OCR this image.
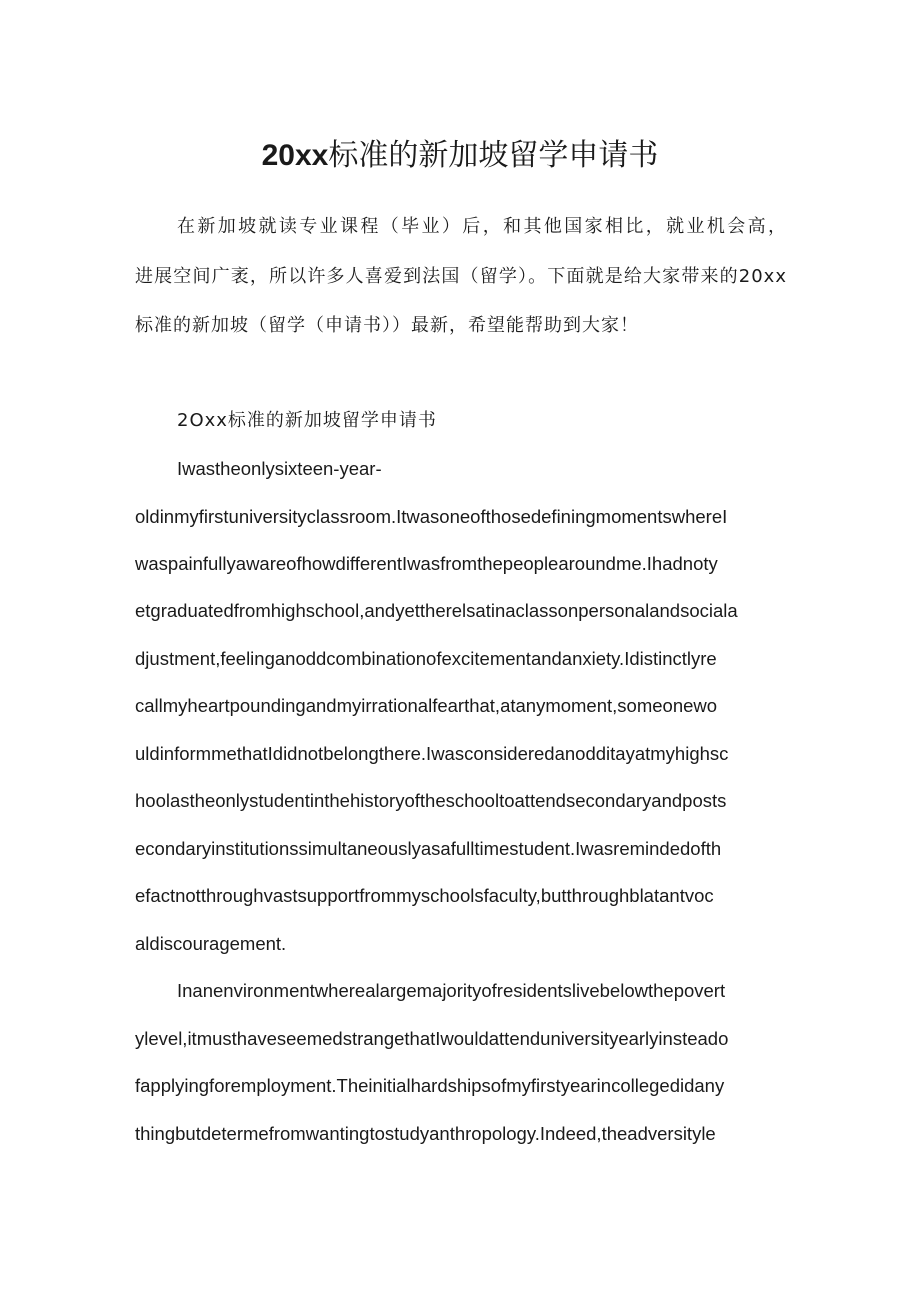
20xx标准的新加坡留学申请书

在新加坡就读专业课程（毕业）后，和其他国家相比，就业机会高，

进展空间广袤，所以许多人喜爱到法国（留学）。下面就是给大家带来的20xx

标准的新加坡（留学（申请书））最新，希望能帮助到大家！

2Oxx标准的新加坡留学申请书

Iwastheonlysixteen-year-

oldinmyfirstuniversityclassroom.ItwasoneofthosedefiningmomentswhereI

waspainfullyawareofhowdifferentIwasfromthepeoplearoundme.Ihadnoty

etgraduatedfromhighschool,andyettherelsatinaclassonpersonalandsociala

djustment,feelinganoddcombinationofexcitementandanxiety.Idistinctlyre

callmyheartpoundingandmyirrationalfearthat,atanymoment,someonewo

uldinformmethatIdidnotbelongthere.Iwasconsideredanodditayatmyhighsc

hoolastheonlystudentinthehistoryoftheschooltoattendsecondaryandposts

econdaryinstitutionssimultaneouslyasafulltimestudent.Iwasremindedofth

efactnotthroughvastsupportfrommyschoolsfaculty,butthroughblatantvoc

aldiscouragement.

Inanenvironmentwherealargemajorityofresidentslivebelowthepovert

ylevel,itmusthaveseemedstrangethatIwouldattenduniversityearlyinsteado

fapplyingforemployment.Theinitialhardshipsofmyfirstyearincollegedidany

thingbutdetermefromwantingtostudyanthropology.Indeed,theadversityle
